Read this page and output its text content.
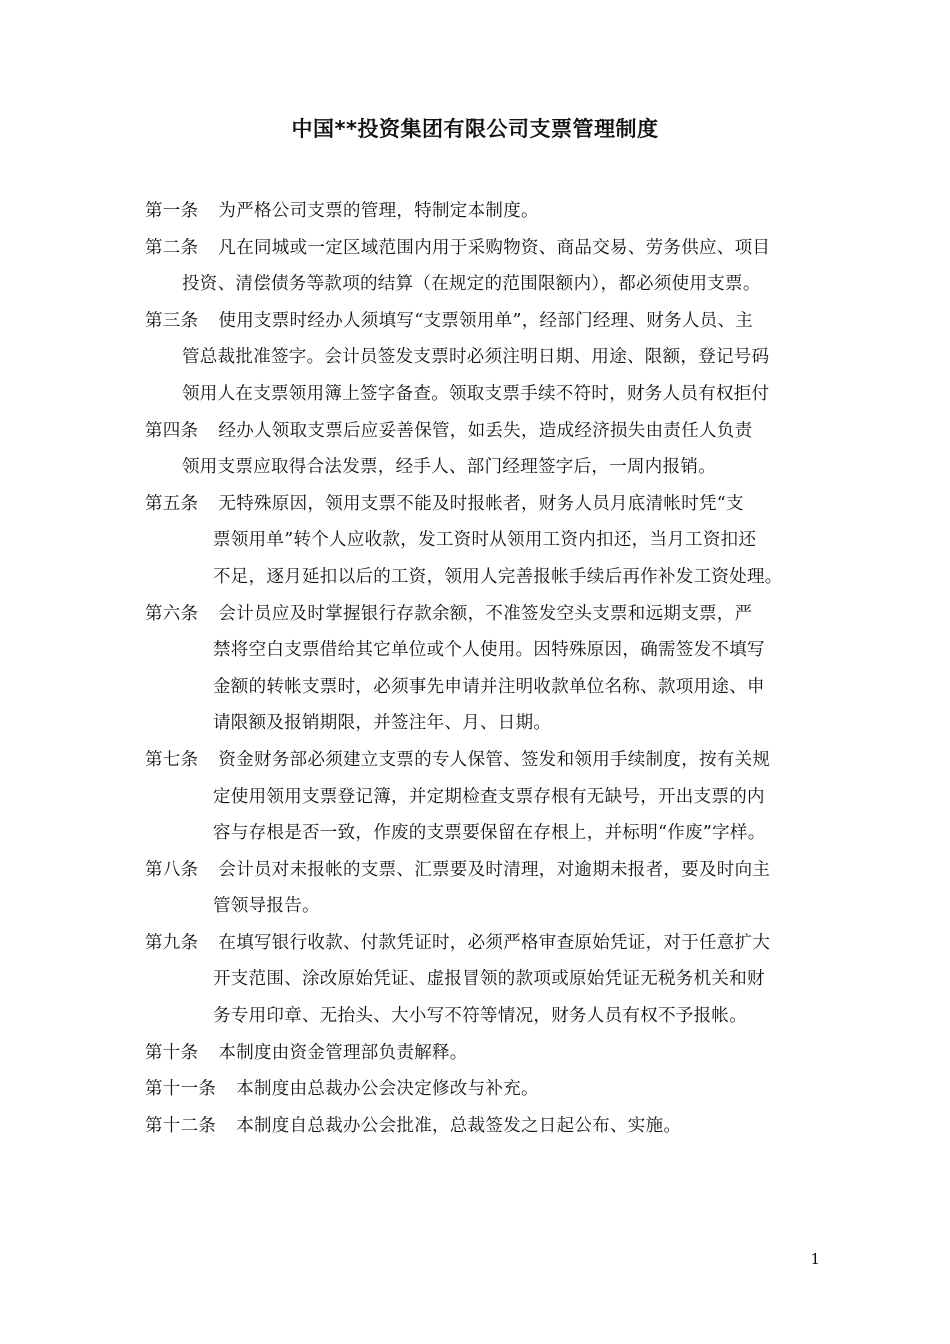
中国**投资集团有限公司支票管理制度
第一条 为严格公司支票的管理，特制定本制度。
第二条 凡在同城或一定区域范围内用于采购物资、商品交易、劳务供应、项目
投资、清偿债务等款项的结算（在规定的范围限额内），都必须使用支票。
第三条 使用支票时经办人须填写“支票领用单”，经部门经理、财务人员、主
管总裁批准签字。会计员签发支票时必须注明日期、用途、限额，登记号码
领用人在支票领用簿上签字备查。领取支票手续不符时，财务人员有权拒付
第四条 经办人领取支票后应妥善保管，如丢失，造成经济损失由责任人负责
领用支票应取得合法发票，经手人、部门经理签字后，一周内报销。
第五条 无特殊原因，领用支票不能及时报帐者，财务人员月底清帐时凭“支
票领用单”转个人应收款，发工资时从领用工资内扣还，当月工资扣还
不足，逐月延扣以后的工资，领用人完善报帐手续后再作补发工资处理。
第六条 会计员应及时掌握银行存款余额，不准签发空头支票和远期支票，严
禁将空白支票借给其它单位或个人使用。因特殊原因，确需签发不填写
金额的转帐支票时，必须事先申请并注明收款单位名称、款项用途、申
请限额及报销期限，并签注年、月、日期。
第七条 资金财务部必须建立支票的专人保管、签发和领用手续制度，按有关规
定使用领用支票登记簿，并定期检查支票存根有无缺号，开出支票的内
容与存根是否一致，作废的支票要保留在存根上，并标明“作废”字样。
第八条 会计员对未报帐的支票、汇票要及时清理，对逾期未报者，要及时向主
管领导报告。
第九条 在填写银行收款、付款凭证时，必须严格审查原始凭证，对于任意扩大
开支范围、涂改原始凭证、虚报冒领的款项或原始凭证无税务机关和财
务专用印章、无抬头、大小写不符等情况，财务人员有权不予报帐。
第十条 本制度由资金管理部负责解释。
第十一条 本制度由总裁办公会决定修改与补充。
第十二条 本制度自总裁办公会批准，总裁签发之日起公布、实施。
1
